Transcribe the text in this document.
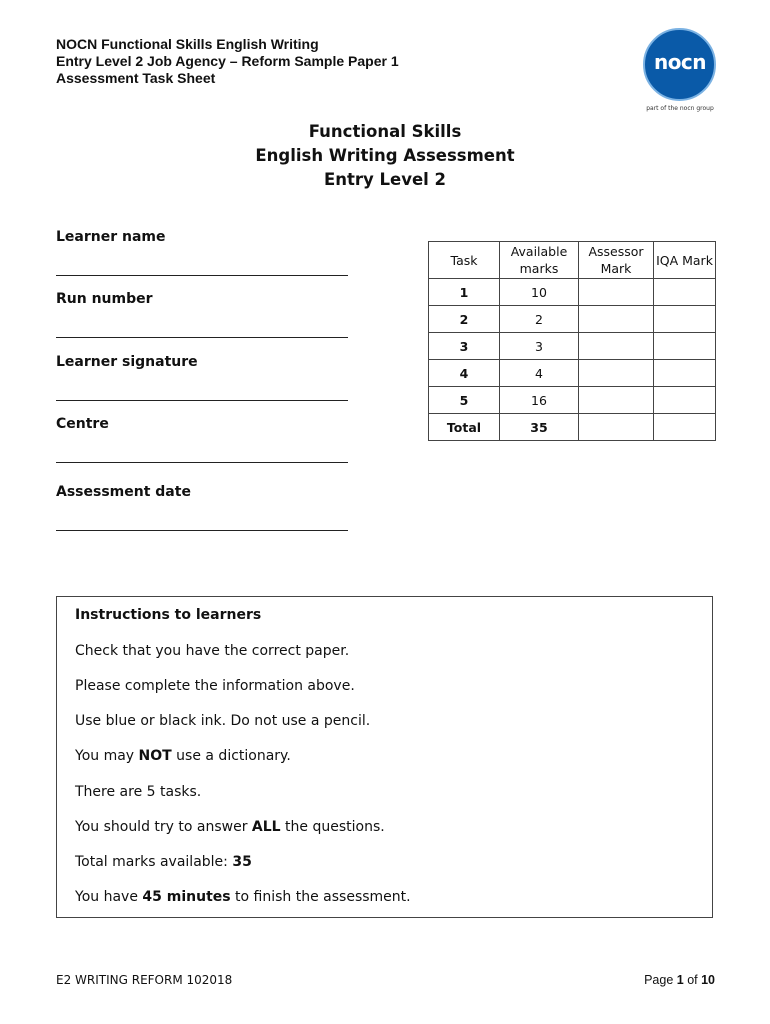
NOCN Functional Skills English Writing
Entry Level 2 Job Agency – Reform Sample Paper 1
Assessment Task Sheet
nocn
part of the nocn group
Functional Skills
English Writing Assessment
Entry Level 2
Learner name
Run number
Learner signature
Centre
Assessment date
Task	Available marks	Assessor Mark	IQA Mark
1	10		
2	2		
3	3		
4	4		
5	16		
Total	35		
Instructions to learners
Check that you have the correct paper.
Please complete the information above.
Use blue or black ink. Do not use a pencil.
You may NOT use a dictionary.
There are 5 tasks.
You should try to answer ALL the questions.
Total marks available: 35
You have 45 minutes to finish the assessment.
E2 WRITING REFORM 102018	Page 1 of 10
